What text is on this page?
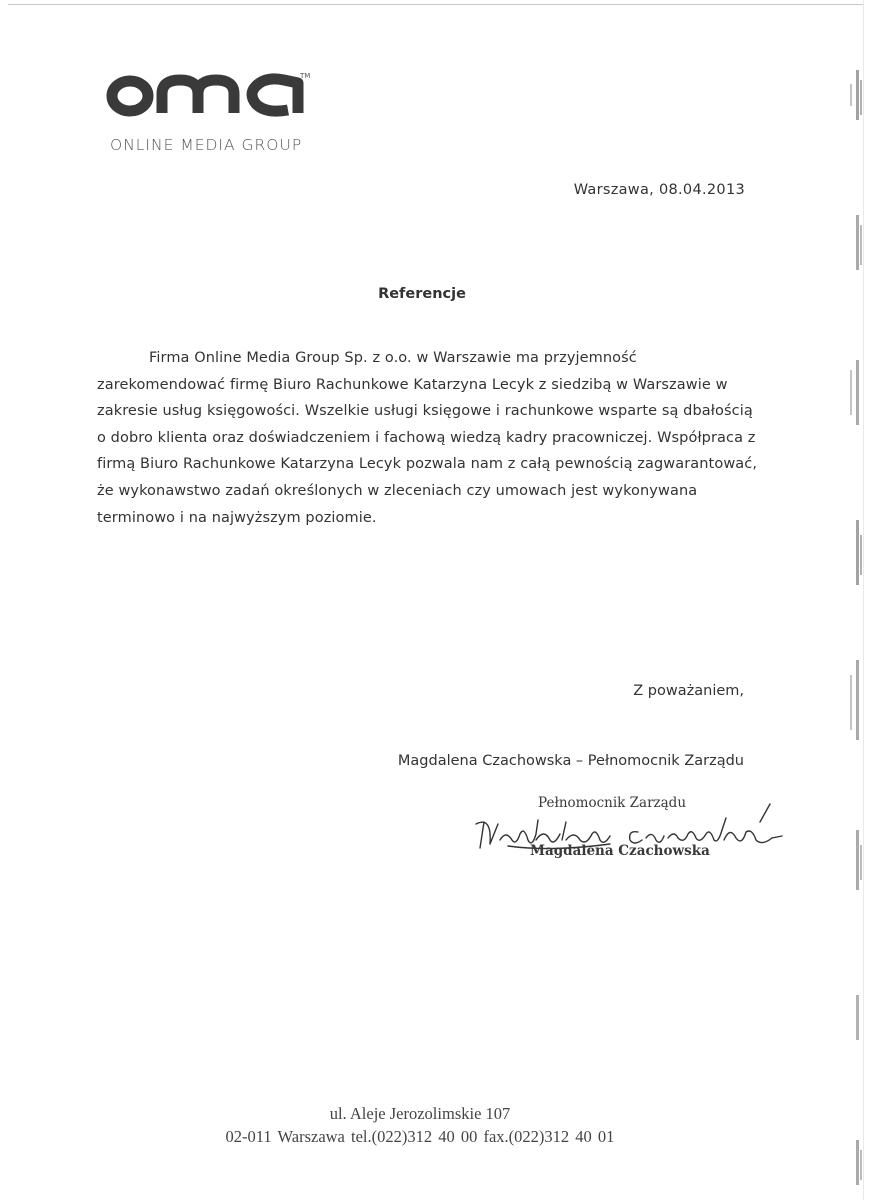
TM
ONLINE MEDIA GROUP
Warszawa, 08.04.2013
Referencje

Firma Online Media Group Sp. z o.o. w Warszawie ma przyjemność
zarekomendować firmę Biuro Rachunkowe Katarzyna Lecyk z siedzibą w Warszawie w
zakresie usług księgowości. Wszelkie usługi księgowe i rachunkowe wsparte są dbałością
o dobro klienta oraz doświadczeniem i fachową wiedzą kadry pracowniczej. Współpraca z
firmą Biuro Rachunkowe Katarzyna Lecyk pozwala nam z całą pewnością zagwarantować,
że wykonawstwo zadań określonych w zleceniach czy umowach jest wykonywana
terminowo i na najwyższym poziomie.

Z poważaniem,
Magdalena Czachowska – Pełnomocnik Zarządu
Pełnomocnik Zarządu
Magdalena Czachowska
ul. Aleje Jerozolimskie 107
02-011 Warszawa tel.(022)312 40 00 fax.(022)312 40 01
